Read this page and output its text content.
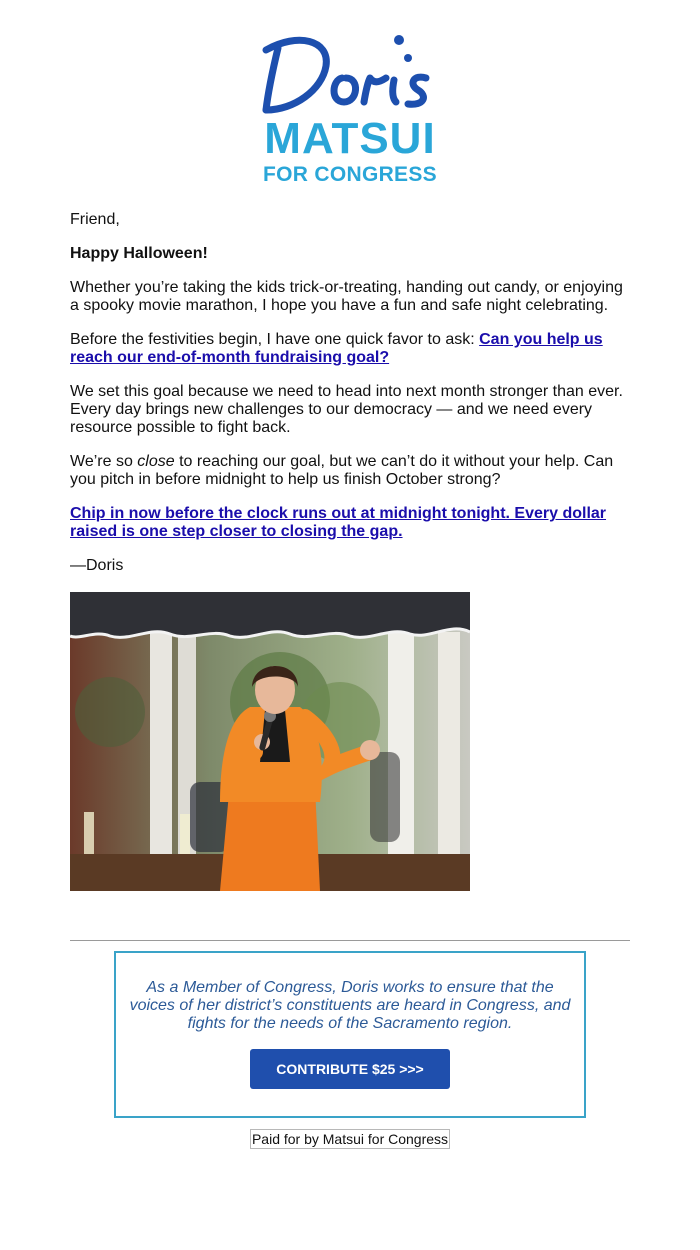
MATSUI
FOR CONGRESS

Friend,

Happy Halloween!

Whether you’re taking the kids trick-or-treating, handing out candy, or enjoying a spooky movie marathon, I hope you have a fun and safe night celebrating.

Before the festivities begin, I have one quick favor to ask: Can you help us reach our end-of-month fundraising goal?

We set this goal because we need to head into next month stronger than ever. Every day brings new challenges to our democracy — and we need every resource possible to fight back.

We’re so close to reaching our goal, but we can’t do it without your help. Can you pitch in before midnight to help us finish October strong?

Chip in now before the clock runs out at midnight tonight. Every dollar raised is one step closer to closing the gap.

—Doris

As a Member of Congress, Doris works to ensure that the voices of her district’s constituents are heard in Congress, and fights for the needs of the Sacramento region.
CONTRIBUTE $25 >>>
Paid for by Matsui for Congress
